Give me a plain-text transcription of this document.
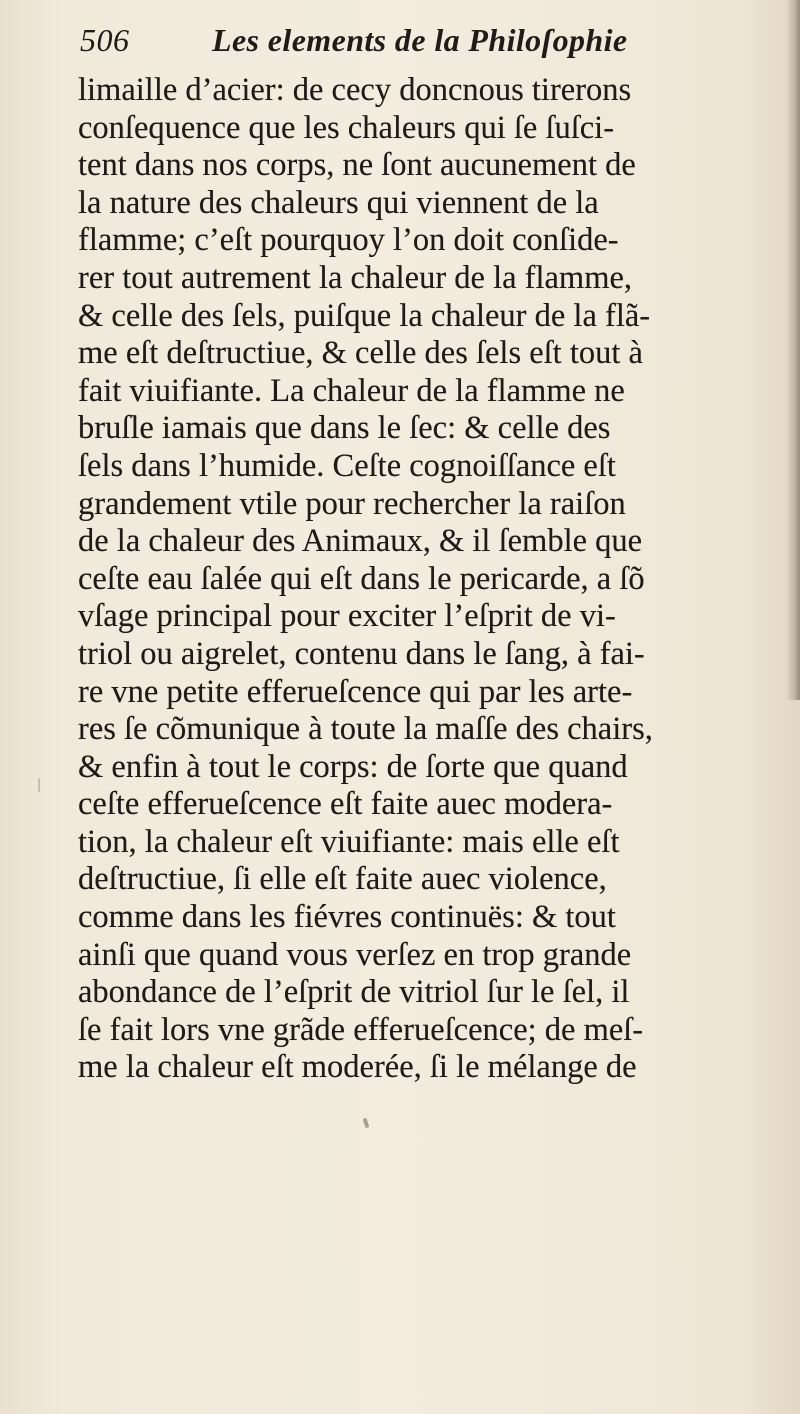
506	Les elements de la Philoſophie
limaille d’acier: de cecy doncnous tirerons
conſequence que les chaleurs qui ſe ſuſci-
tent dans nos corps, ne ſont aucunement de
la nature des chaleurs qui viennent de la
flamme; c’eſt pourquoy l’on doit conſide-
rer tout autrement la chaleur de la flamme,
& celle des ſels, puiſque la chaleur de la flã-
me eſt deſtructiue, & celle des ſels eſt tout à
fait viuifiante. La chaleur de la flamme ne
bruſle iamais que dans le ſec: & celle des
ſels dans l’humide. Ceſte cognoiſſance eſt
grandement vtile pour rechercher la raiſon
de la chaleur des Animaux, & il ſemble que
ceſte eau ſalée qui eſt dans le pericarde, a ſõ
vſage principal pour exciter l’eſprit de vi-
triol ou aigrelet, contenu dans le ſang, à fai-
re vne petite efferueſcence qui par les arte-
res ſe cõmunique à toute la maſſe des chairs,
& enfin à tout le corps: de ſorte que quand
ceſte efferueſcence eſt faite auec modera-
tion, la chaleur eſt viuifiante: mais elle eſt
deſtructiue, ſi elle eſt faite auec violence,
comme dans les fiévres continuës: & tout
ainſi que quand vous verſez en trop grande
abondance de l’eſprit de vitriol ſur le ſel, il
ſe fait lors vne grãde efferueſcence; de meſ-
me la chaleur eſt moderée, ſi le mélange de
